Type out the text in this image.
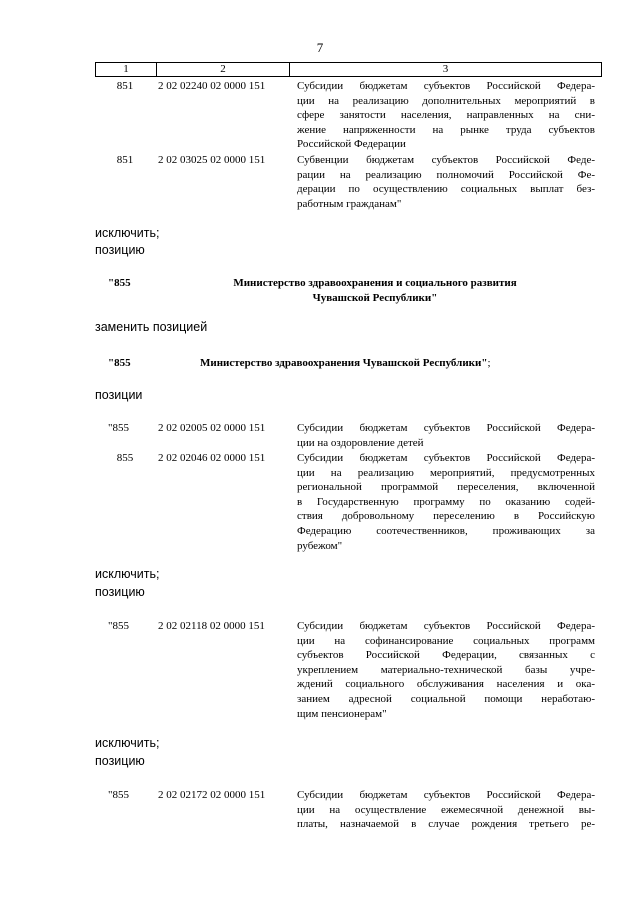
7
1	2	3
851	2 02 02240 02 0000 151	Субсидии бюджетам субъектов Российской Федера-
ции на реализацию дополнительных мероприятий в
сфере занятости населения, направленных на сни-
жение напряженности на рынке труда субъектов
Российской Федерации
851	2 02 03025 02 0000 151	Субвенции бюджетам субъектов Российской Феде-
рации на реализацию полномочий Российской Фе-
дерации по осуществлению социальных выплат без-
работным гражданам"
исключить;
позицию
"855	Министерство здравоохранения и социального развития
Чувашской Республики"
заменить позицией
"855	Министерство здравоохранения Чувашской Республики";
позиции
"855	2 02 02005 02 0000 151	Субсидии бюджетам субъектов Российской Федера-
ции на оздоровление детей
855	2 02 02046 02 0000 151	Субсидии бюджетам субъектов Российской Федера-
ции на реализацию мероприятий, предусмотренных
региональной программой переселения, включенной
в Государственную программу по оказанию содей-
ствия добровольному переселению в Российскую
Федерацию соотечественников, проживающих за
рубежом"
исключить;
позицию
"855	2 02 02118 02 0000 151	Субсидии бюджетам субъектов Российской Федера-
ции на софинансирование социальных программ
субъектов Российской Федерации, связанных с
укреплением материально-технической базы учре-
ждений социального обслуживания населения и ока-
занием адресной социальной помощи неработаю-
щим пенсионерам"
исключить;
позицию
"855	2 02 02172 02 0000 151	Субсидии бюджетам субъектов Российской Федера-
ции на осуществление ежемесячной денежной вы-
платы, назначаемой в случае рождения третьего ре-
